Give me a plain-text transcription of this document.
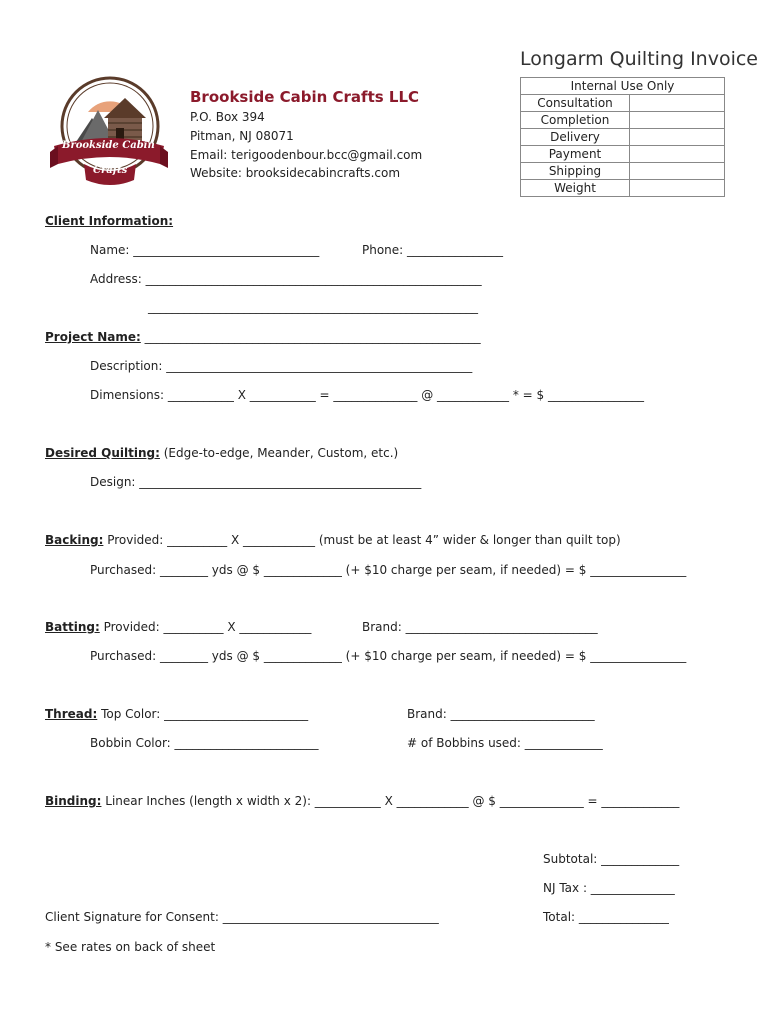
Longarm Quilting Invoice
Brookside Cabin
Crafts
Brookside Cabin Crafts LLC
P.O. Box 394
Pitman, NJ 08071
Email: terigoodenbour.bcc@gmail.com
Website: brooksidecabincrafts.com
Internal Use Only	
Consultation	
Completion	
Delivery	
Payment	
Shipping	
Weight	
Client Information:
Name: _______________________________	Phone: ________________
Address: ________________________________________________________
_______________________________________________________
Project Name: ________________________________________________________
Description: ___________________________________________________
Dimensions: ___________ X ___________ = ______________ @ ____________ * = $ ________________
Desired Quilting: (Edge-to-edge, Meander, Custom, etc.)
Design: _______________________________________________
Backing: Provided: __________ X ____________ (must be at least 4” wider & longer than quilt top)
Purchased: ________ yds @ $ _____________ (+ $10 charge per seam, if needed) = $ ________________
Batting: Provided: __________ X ____________	Brand: ________________________________
Purchased: ________ yds @ $ _____________ (+ $10 charge per seam, if needed) = $ ________________
Thread: Top Color: ________________________	Brand: ________________________
Bobbin Color: ________________________	# of Bobbins used: _____________
Binding: Linear Inches (length x width x 2): ___________ X ____________ @ $ ______________ = _____________
Subtotal: _____________
NJ Tax : ______________
Total: _______________
Client Signature for Consent: ____________________________________
* See rates on back of sheet
